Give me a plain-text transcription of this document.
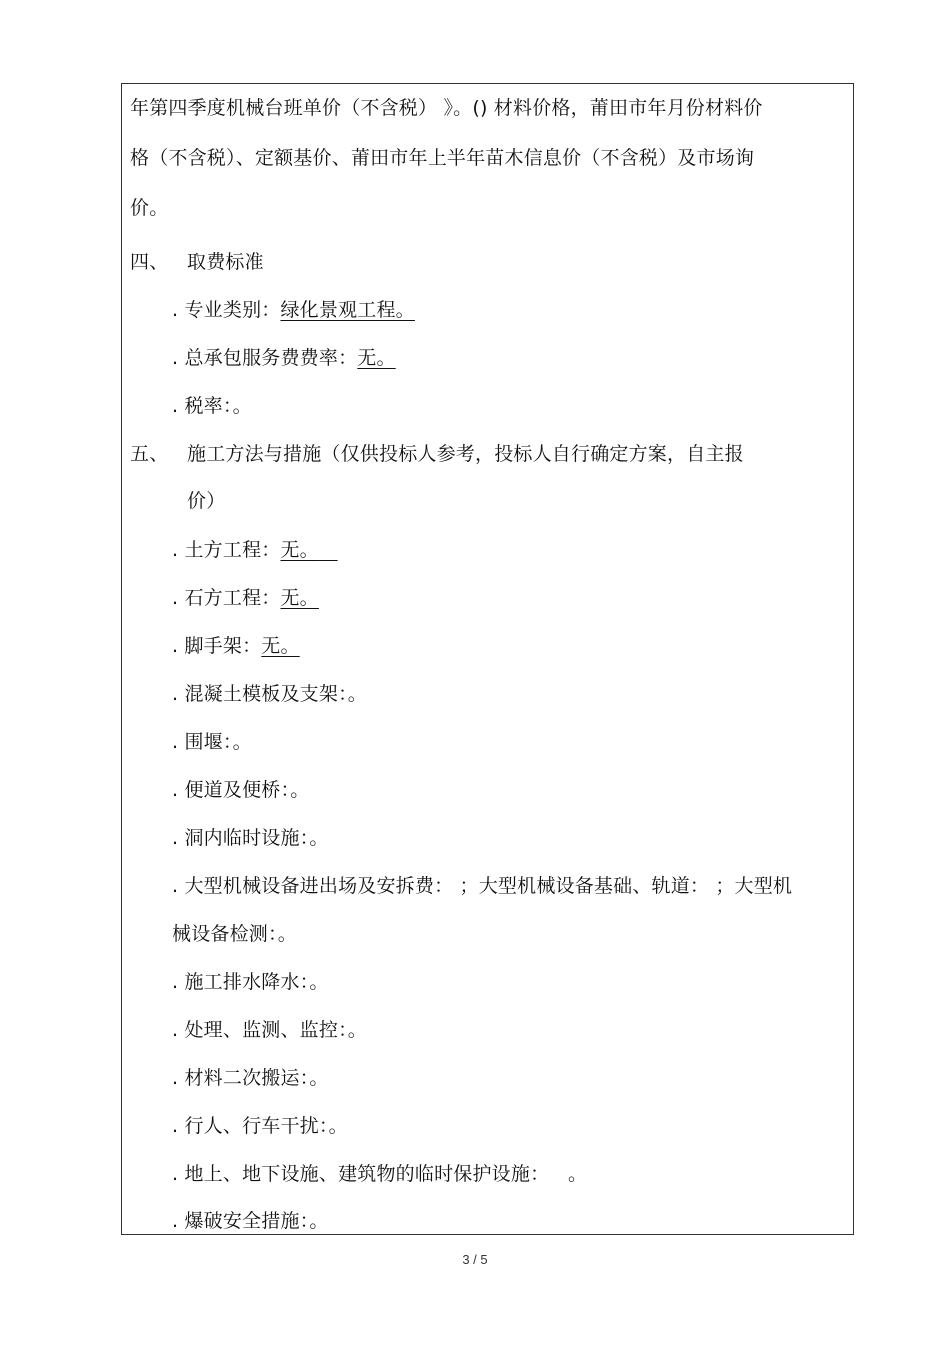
年第四季度机械台班单价（不含税） 》。() 材料价格，莆田市年月份材料价
格（不含税）、定额基价、莆田市年上半年苗木信息价（不含税）及市场询
价。
四、 取费标准
. 专业类别：绿化景观工程。
. 总承包服务费费率：无。
. 税率：。
五、 施工方法与措施（仅供投标人参考，投标人自行确定方案，自主报
价）
. 土方工程：无。
. 石方工程：无。
. 脚手架：无。
. 混凝土模板及支架：。
. 围堰：。
. 便道及便桥：。
. 洞内临时设施：。
. 大型机械设备进出场及安拆费： ；大型机械设备基础、轨道： ；大型机
械设备检测：。
. 施工排水降水：。
. 处理、监测、监控：。
. 材料二次搬运：。
. 行人、行车干扰：。
. 地上、地下设施、建筑物的临时保护设施：   。
. 爆破安全措施：。
3 / 5
